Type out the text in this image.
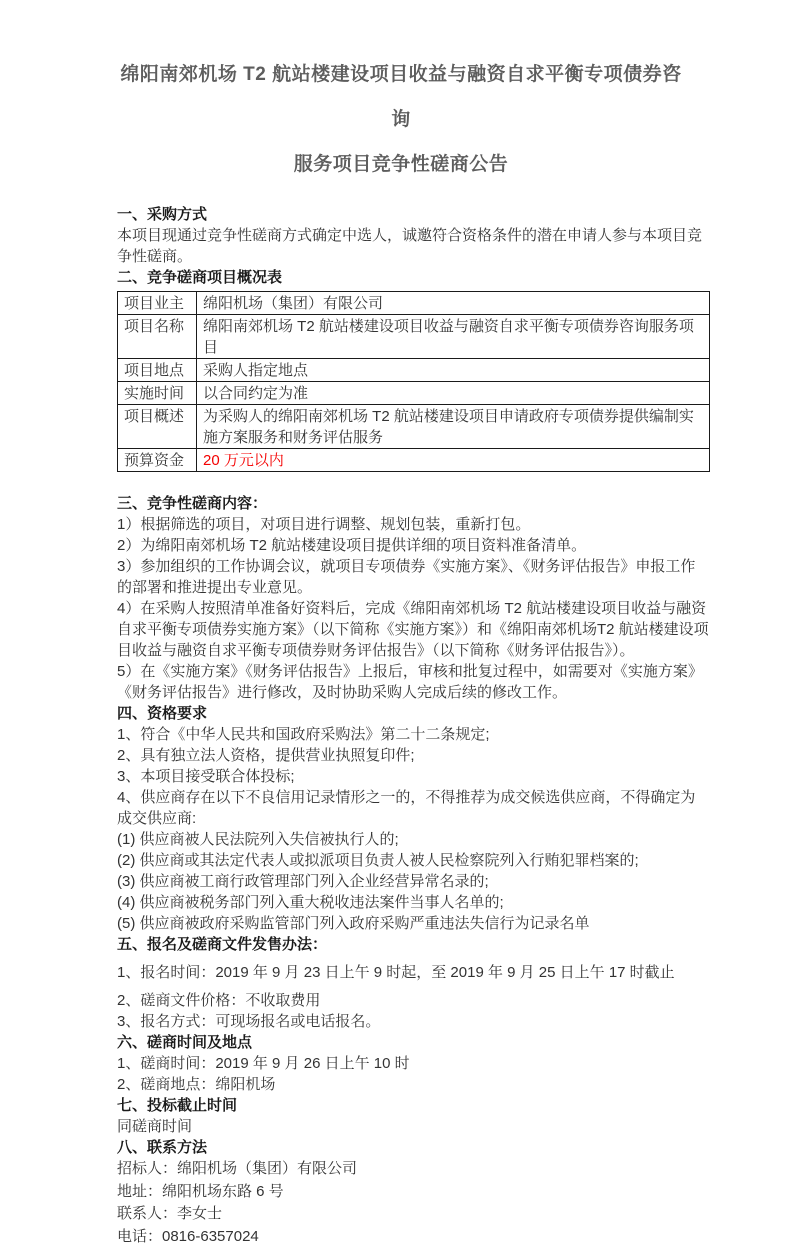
绵阳南郊机场 T2 航站楼建设项目收益与融资自求平衡专项债券咨询
服务项目竞争性磋商公告
一、采购方式

本项目现通过竞争性磋商方式确定中选人，诚邀符合资格条件的潜在申请人参与本项目竞争性磋商。

二、竞争磋商项目概况表
项目业主	绵阳机场（集团）有限公司
项目名称	绵阳南郊机场 T2 航站楼建设项目收益与融资自求平衡专项债券咨询服务项目
项目地点	采购人指定地点
实施时间	以合同约定为准
项目概述	为采购人的绵阳南郊机场 T2 航站楼建设项目申请政府专项债券提供编制实施方案服务和财务评估服务
预算资金	20 万元以内
三、竞争性磋商内容：

1）根据筛选的项目，对项目进行调整、规划包装，重新打包。

2）为绵阳南郊机场 T2 航站楼建设项目提供详细的项目资料准备清单。

3）参加组织的工作协调会议，就项目专项债券《实施方案》、《财务评估报告》申报工作的部署和推进提出专业意见。

4）在采购人按照清单准备好资料后，完成《绵阳南郊机场 T2 航站楼建设项目收益与融资自求平衡专项债券实施方案》（以下简称《实施方案》）和《绵阳南郊机场T2 航站楼建设项目收益与融资自求平衡专项债券财务评估报告》（以下简称《财务评估报告》）。

5）在《实施方案》《财务评估报告》上报后，审核和批复过程中，如需要对《实施方案》《财务评估报告》进行修改，及时协助采购人完成后续的修改工作。

四、资格要求

1、符合《中华人民共和国政府采购法》第二十二条规定;

2、具有独立法人资格，提供营业执照复印件;

3、本项目接受联合体投标;

4、供应商存在以下不良信用记录情形之一的，不得推荐为成交候选供应商，不得确定为成交供应商:

(1) 供应商被人民法院列入失信被执行人的;

(2) 供应商或其法定代表人或拟派项目负责人被人民检察院列入行贿犯罪档案的;

(3) 供应商被工商行政管理部门列入企业经营异常名录的;

(4) 供应商被税务部门列入重大税收违法案件当事人名单的;

(5) 供应商被政府采购监管部门列入政府采购严重违法失信行为记录名单

五、报名及磋商文件发售办法：

1、报名时间：2019 年 9 月 23 日上午 9 时起，至 2019 年 9 月 25 日上午 17 时截止

2、磋商文件价格：不收取费用

3、报名方式：可现场报名或电话报名。

六、磋商时间及地点

1、磋商时间：2019 年 9 月 26 日上午 10 时

2、磋商地点：绵阳机场

七、投标截止时间

同磋商时间

八、联系方法

招标人：绵阳机场（集团）有限公司

地址：绵阳机场东路 6 号

联系人：李女士

电话：0816-6357024
